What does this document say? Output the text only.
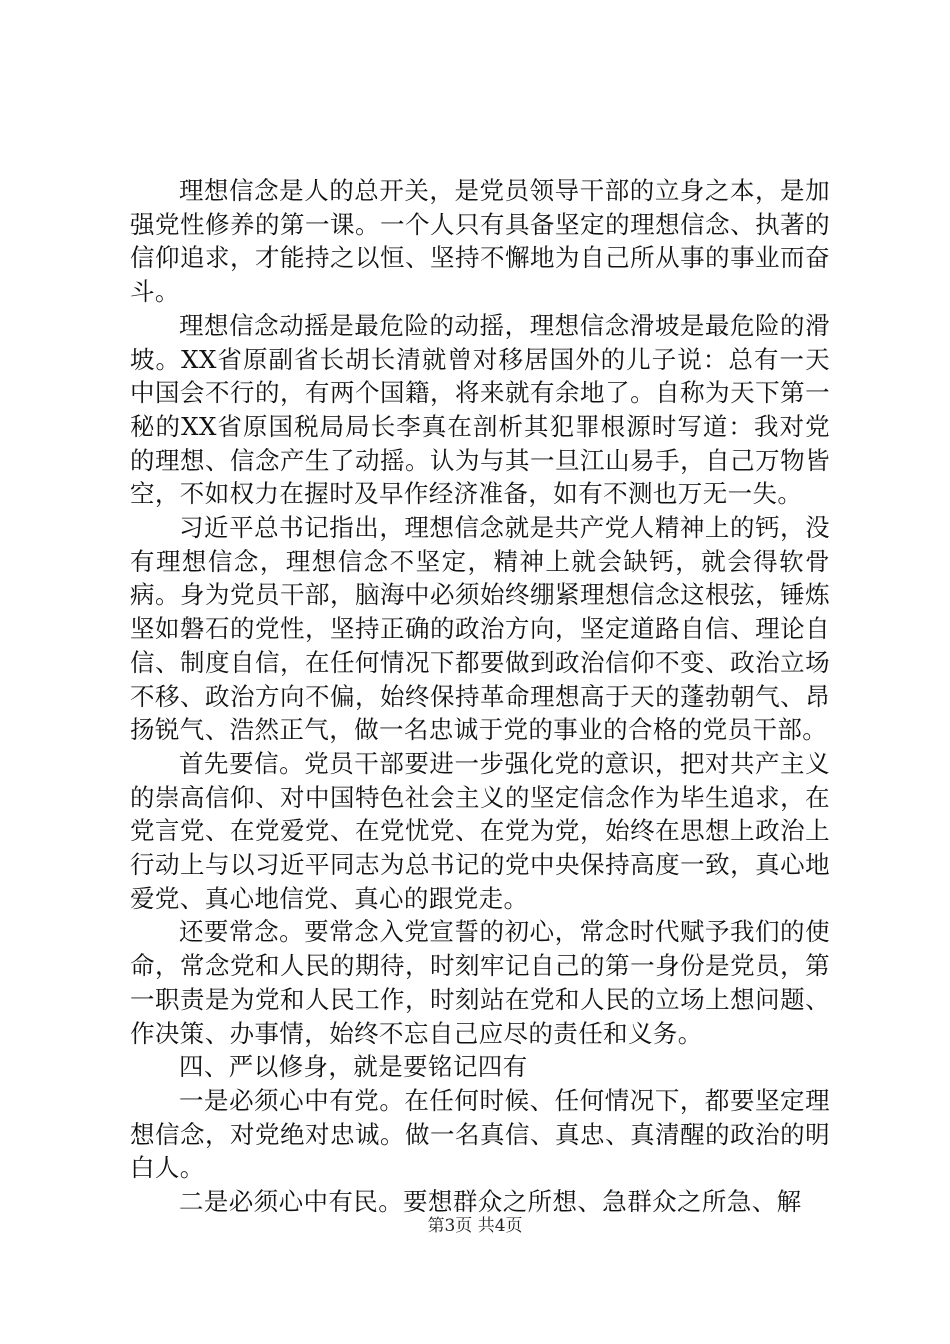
理想信念是人的总开关，是党员领导干部的立身之本，是加强党性修养的第一课。一个人只有具备坚定的理想信念、执著的信仰追求，才能持之以恒、坚持不懈地为自己所从事的事业而奋斗。

理想信念动摇是最危险的动摇，理想信念滑坡是最危险的滑坡。XX省原副省长胡长清就曾对移居国外的儿子说：总有一天中国会不行的，有两个国籍，将来就有余地了。自称为天下第一秘的XX省原国税局局长李真在剖析其犯罪根源时写道：我对党的理想、信念产生了动摇。认为与其一旦江山易手，自己万物皆空，不如权力在握时及早作经济准备，如有不测也万无一失。

习近平总书记指出，理想信念就是共产党人精神上的钙，没有理想信念，理想信念不坚定，精神上就会缺钙，就会得软骨病。身为党员干部，脑海中必须始终绷紧理想信念这根弦，锤炼坚如磐石的党性，坚持正确的政治方向，坚定道路自信、理论自信、制度自信，在任何情况下都要做到政治信仰不变、政治立场不移、政治方向不偏，始终保持革命理想高于天的蓬勃朝气、昂扬锐气、浩然正气，做一名忠诚于党的事业的合格的党员干部。

首先要信。党员干部要进一步强化党的意识，把对共产主义的崇高信仰、对中国特色社会主义的坚定信念作为毕生追求，在党言党、在党爱党、在党忧党、在党为党，始终在思想上政治上行动上与以习近平同志为总书记的党中央保持高度一致，真心地爱党、真心地信党、真心的跟党走。

还要常念。要常念入党宣誓的初心，常念时代赋予我们的使命，常念党和人民的期待，时刻牢记自己的第一身份是党员，第一职责是为党和人民工作，时刻站在党和人民的立场上想问题、作决策、办事情，始终不忘自己应尽的责任和义务。

四、严以修身，就是要铭记四有

一是必须心中有党。在任何时候、任何情况下，都要坚定理想信念，对党绝对忠诚。做一名真信、真忠、真清醒的政治的明白人。

二是必须心中有民。要想群众之所想、急群众之所急、解

第3页 共4页
